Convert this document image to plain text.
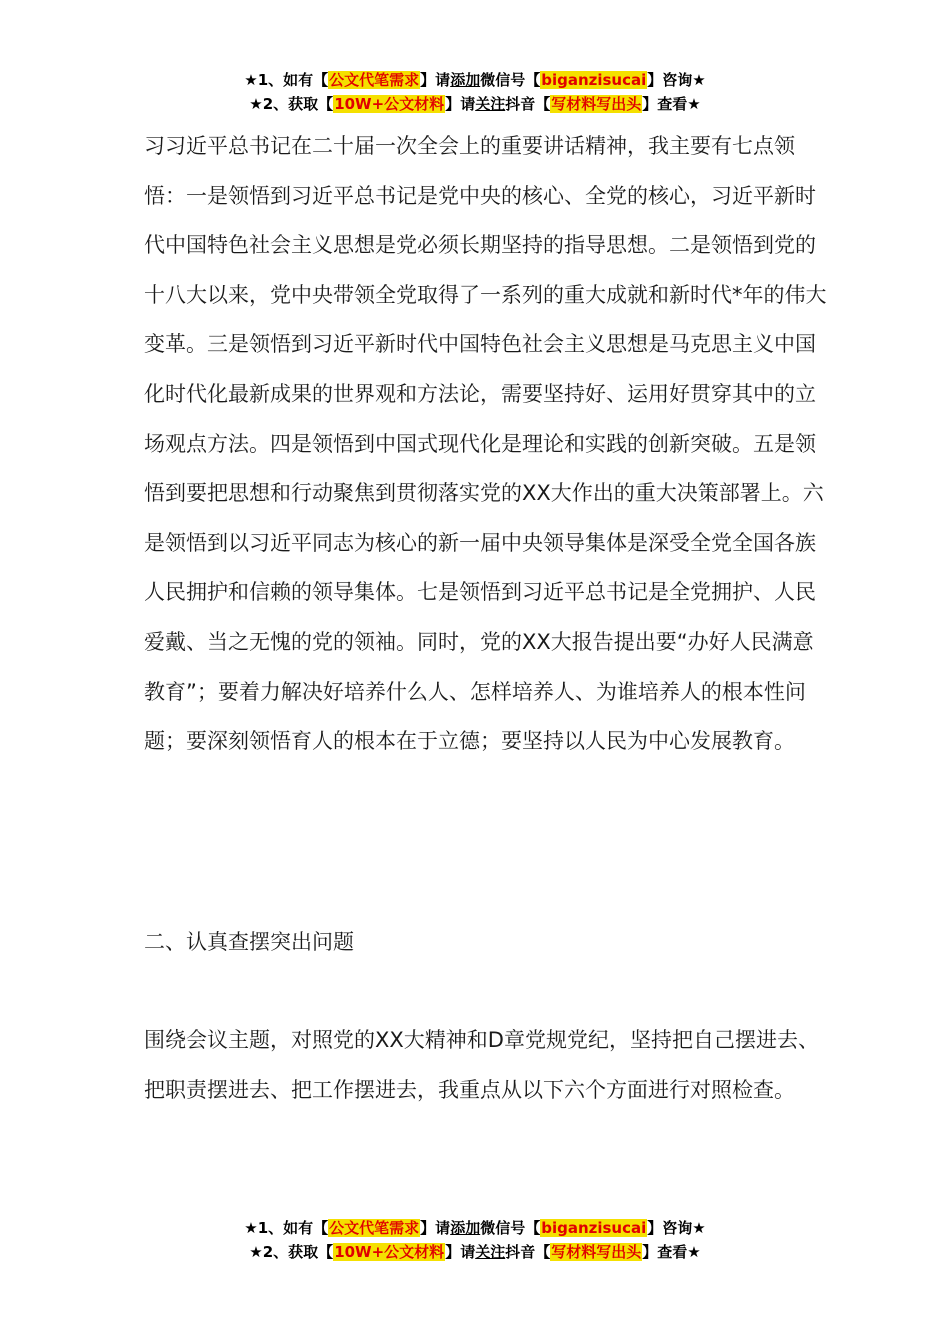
★1、如有【公文代笔需求】请添加微信号【biganzisucai】咨询★
★2、获取【10W+公文材料】请关注抖音【写材料写出头】查看★

习习近平总书记在二十届一次全会上的重要讲话精神，我主要有七点领悟：一是领悟到习近平总书记是党中央的核心、全党的核心，习近平新时代中国特色社会主义思想是党必须长期坚持的指导思想。二是领悟到党的十八大以来，党中央带领全党取得了一系列的重大成就和新时代*年的伟大变革。三是领悟到习近平新时代中国特色社会主义思想是马克思主义中国化时代化最新成果的世界观和方法论，需要坚持好、运用好贯穿其中的立场观点方法。四是领悟到中国式现代化是理论和实践的创新突破。五是领悟到要把思想和行动聚焦到贯彻落实党的XX大作出的重大决策部署上。六是领悟到以习近平同志为核心的新一届中央领导集体是深受全党全国各族人民拥护和信赖的领导集体。七是领悟到习近平总书记是全党拥护、人民爱戴、当之无愧的党的领袖。同时，党的XX大报告提出要“办好人民满意教育”；要着力解决好培养什么人、怎样培养人、为谁培养人的根本性问题；要深刻领悟育人的根本在于立德；要坚持以人民为中心发展教育。

二、认真查摆突出问题

围绕会议主题，对照党的XX大精神和D章党规党纪，坚持把自己摆进去、把职责摆进去、把工作摆进去，我重点从以下六个方面进行对照检查。

★1、如有【公文代笔需求】请添加微信号【biganzisucai】咨询★
★2、获取【10W+公文材料】请关注抖音【写材料写出头】查看★
